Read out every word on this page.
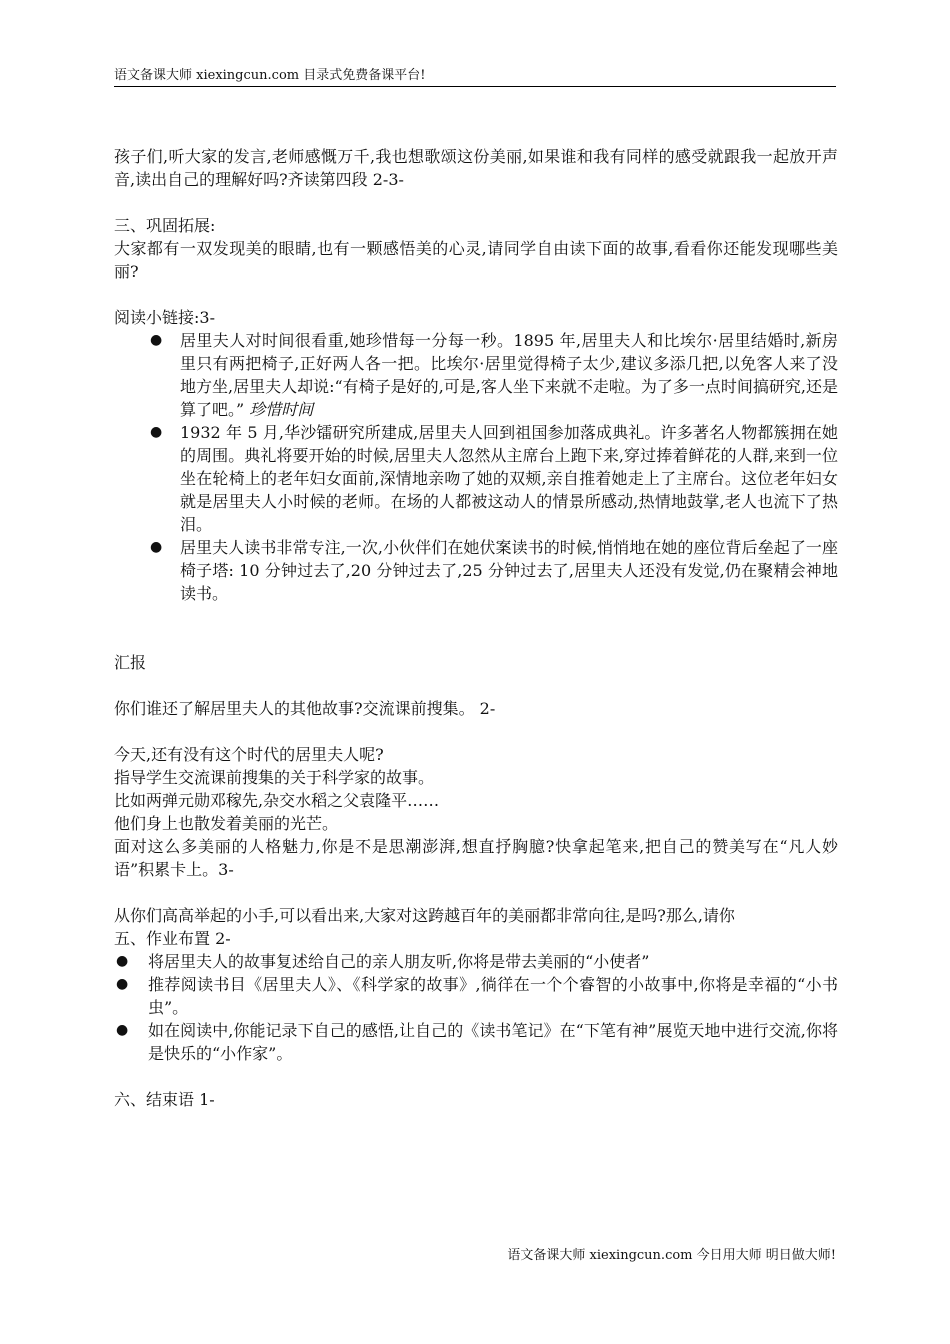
语文备课大师 xiexingcun.com 目录式免费备课平台!

孩子们,听大家的发言,老师感慨万千,我也想歌颂这份美丽,如果谁和我有同样的感受就跟我一起放开声音,读出自己的理解好吗?齐读第四段 2-3-

三、巩固拓展:

大家都有一双发现美的眼睛,也有一颗感悟美的心灵,请同学自由读下面的故事,看看你还能发现哪些美丽?

阅读小链接:3-

● 居里夫人对时间很看重,她珍惜每一分每一秒。1895 年,居里夫人和比埃尔·居里结婚时,新房里只有两把椅子,正好两人各一把。比埃尔·居里觉得椅子太少,建议多添几把,以免客人来了没地方坐,居里夫人却说:“有椅子是好的,可是,客人坐下来就不走啦。为了多一点时间搞研究,还是算了吧。” 珍惜时间
● 1932 年 5 月,华沙镭研究所建成,居里夫人回到祖国参加落成典礼。许多著名人物都簇拥在她的周围。典礼将要开始的时候,居里夫人忽然从主席台上跑下来,穿过捧着鲜花的人群,来到一位坐在轮椅上的老年妇女面前,深情地亲吻了她的双颊,亲自推着她走上了主席台。这位老年妇女就是居里夫人小时候的老师。在场的人都被这动人的情景所感动,热情地鼓掌,老人也流下了热泪。
● 居里夫人读书非常专注,一次,小伙伴们在她伏案读书的时候,悄悄地在她的座位背后垒起了一座椅子塔: 10 分钟过去了,20 分钟过去了,25 分钟过去了,居里夫人还没有发觉,仍在聚精会神地读书。

汇报

你们谁还了解居里夫人的其他故事?交流课前搜集。 2-

今天,还有没有这个时代的居里夫人呢?

指导学生交流课前搜集的关于科学家的故事。

比如两弹元勋邓稼先,杂交水稻之父袁隆平……

他们身上也散发着美丽的光芒。

面对这么多美丽的人格魅力,你是不是思潮澎湃,想直抒胸臆?快拿起笔来,把自己的赞美写在“凡人妙语”积累卡上。3-

从你们高高举起的小手,可以看出来,大家对这跨越百年的美丽都非常向往,是吗?那么,请你

五、作业布置 2-

● 将居里夫人的故事复述给自己的亲人朋友听,你将是带去美丽的“小使者”
● 推荐阅读书目《居里夫人》、《科学家的故事》,徜徉在一个个睿智的小故事中,你将是幸福的“小书虫”。
● 如在阅读中,你能记录下自己的感悟,让自己的《读书笔记》在“下笔有神”展览天地中进行交流,你将是快乐的“小作家”。

六、结束语 1-

语文备课大师 xiexingcun.com 今日用大师 明日做大师!
